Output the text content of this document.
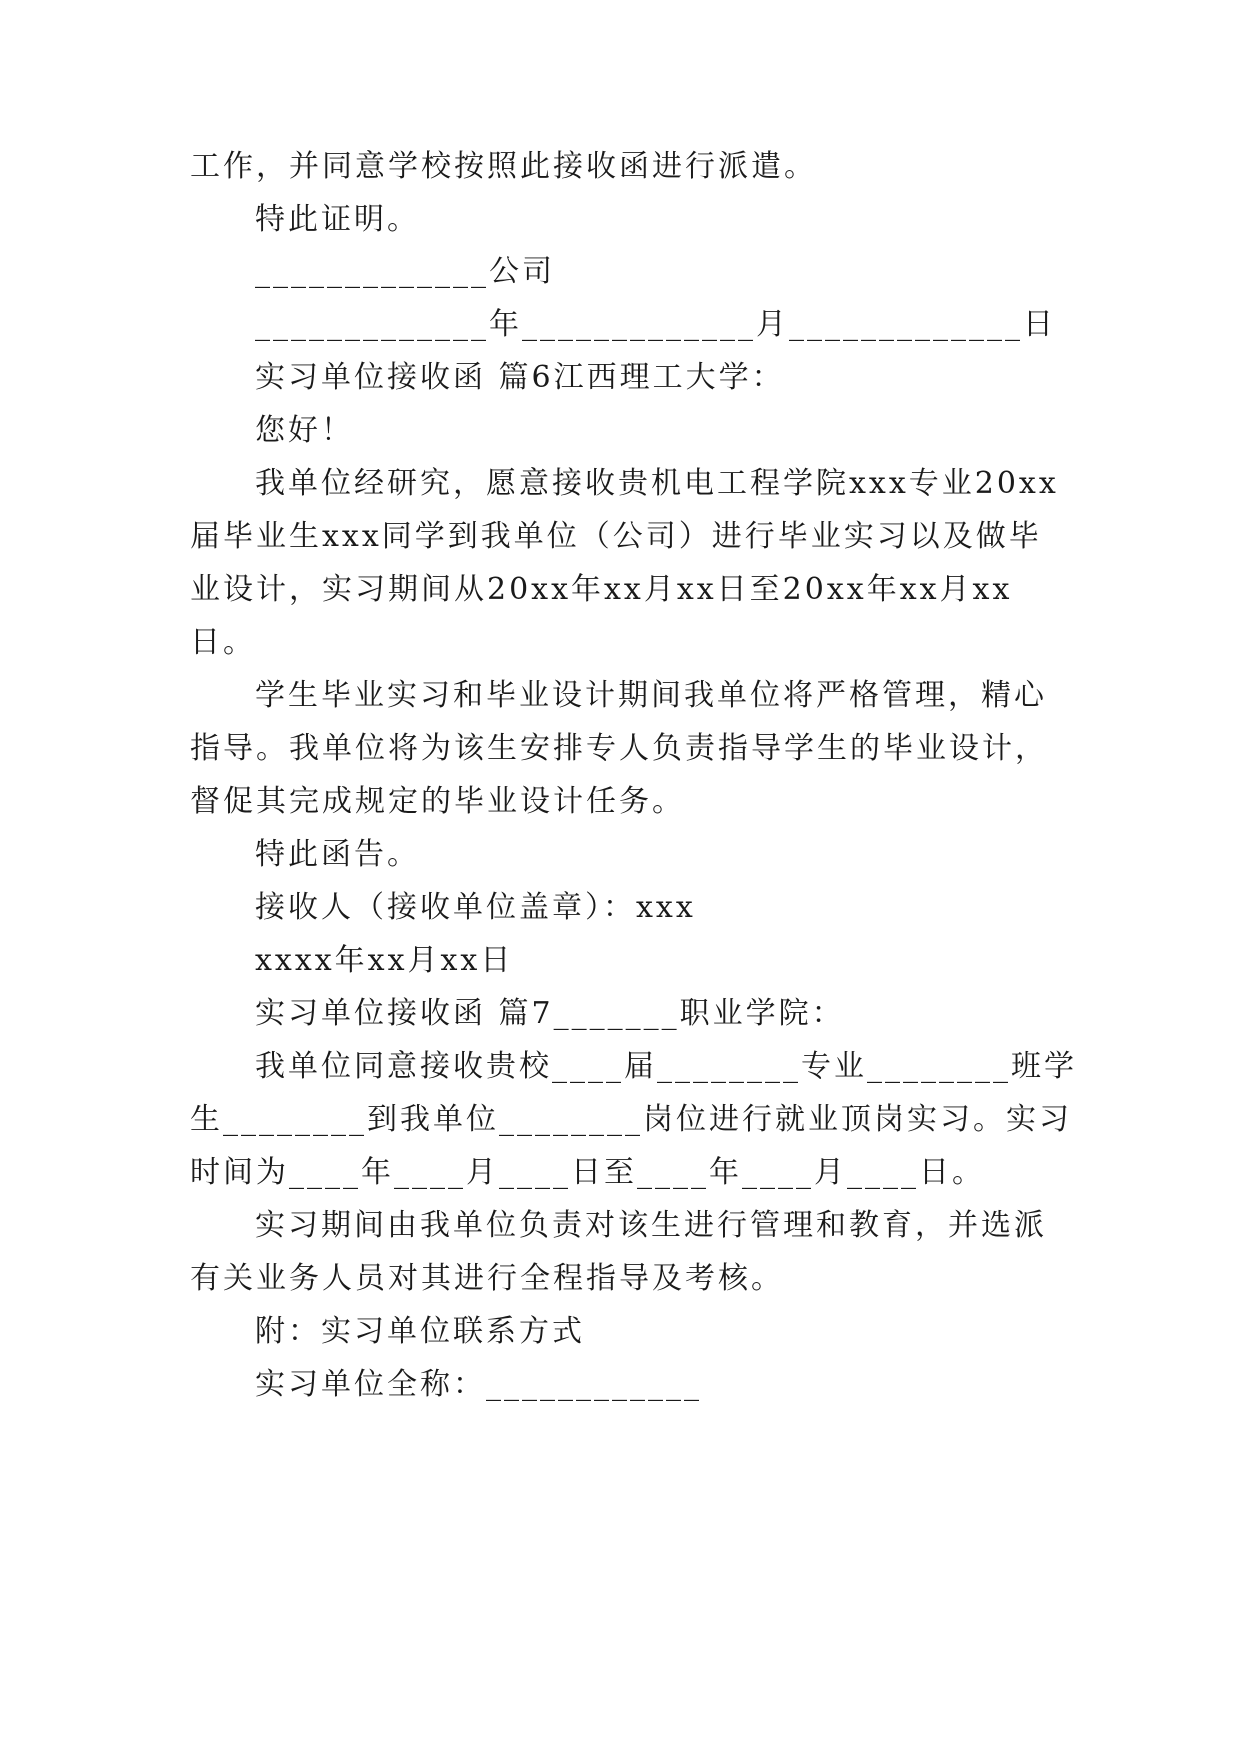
工作，并同意学校按照此接收函进行派遣。
特此证明。
_____________公司
_____________年_____________月_____________日
实习单位接收函 篇6江西理工大学：
您好！
我单位经研究，愿意接收贵机电工程学院xxx专业20xx
届毕业生xxx同学到我单位（公司）进行毕业实习以及做毕
业设计，实习期间从20xx年xx月xx日至20xx年xx月xx
日。
学生毕业实习和毕业设计期间我单位将严格管理，精心
指导。我单位将为该生安排专人负责指导学生的毕业设计，
督促其完成规定的毕业设计任务。
特此函告。
接收人（接收单位盖章）：xxx
xxxx年xx月xx日
实习单位接收函 篇7_______职业学院：
我单位同意接收贵校____届________专业________班学
生________到我单位________岗位进行就业顶岗实习。实习
时间为____年____月____日至____年____月____日。
实习期间由我单位负责对该生进行管理和教育，并选派
有关业务人员对其进行全程指导及考核。
附：实习单位联系方式
实习单位全称：____________
